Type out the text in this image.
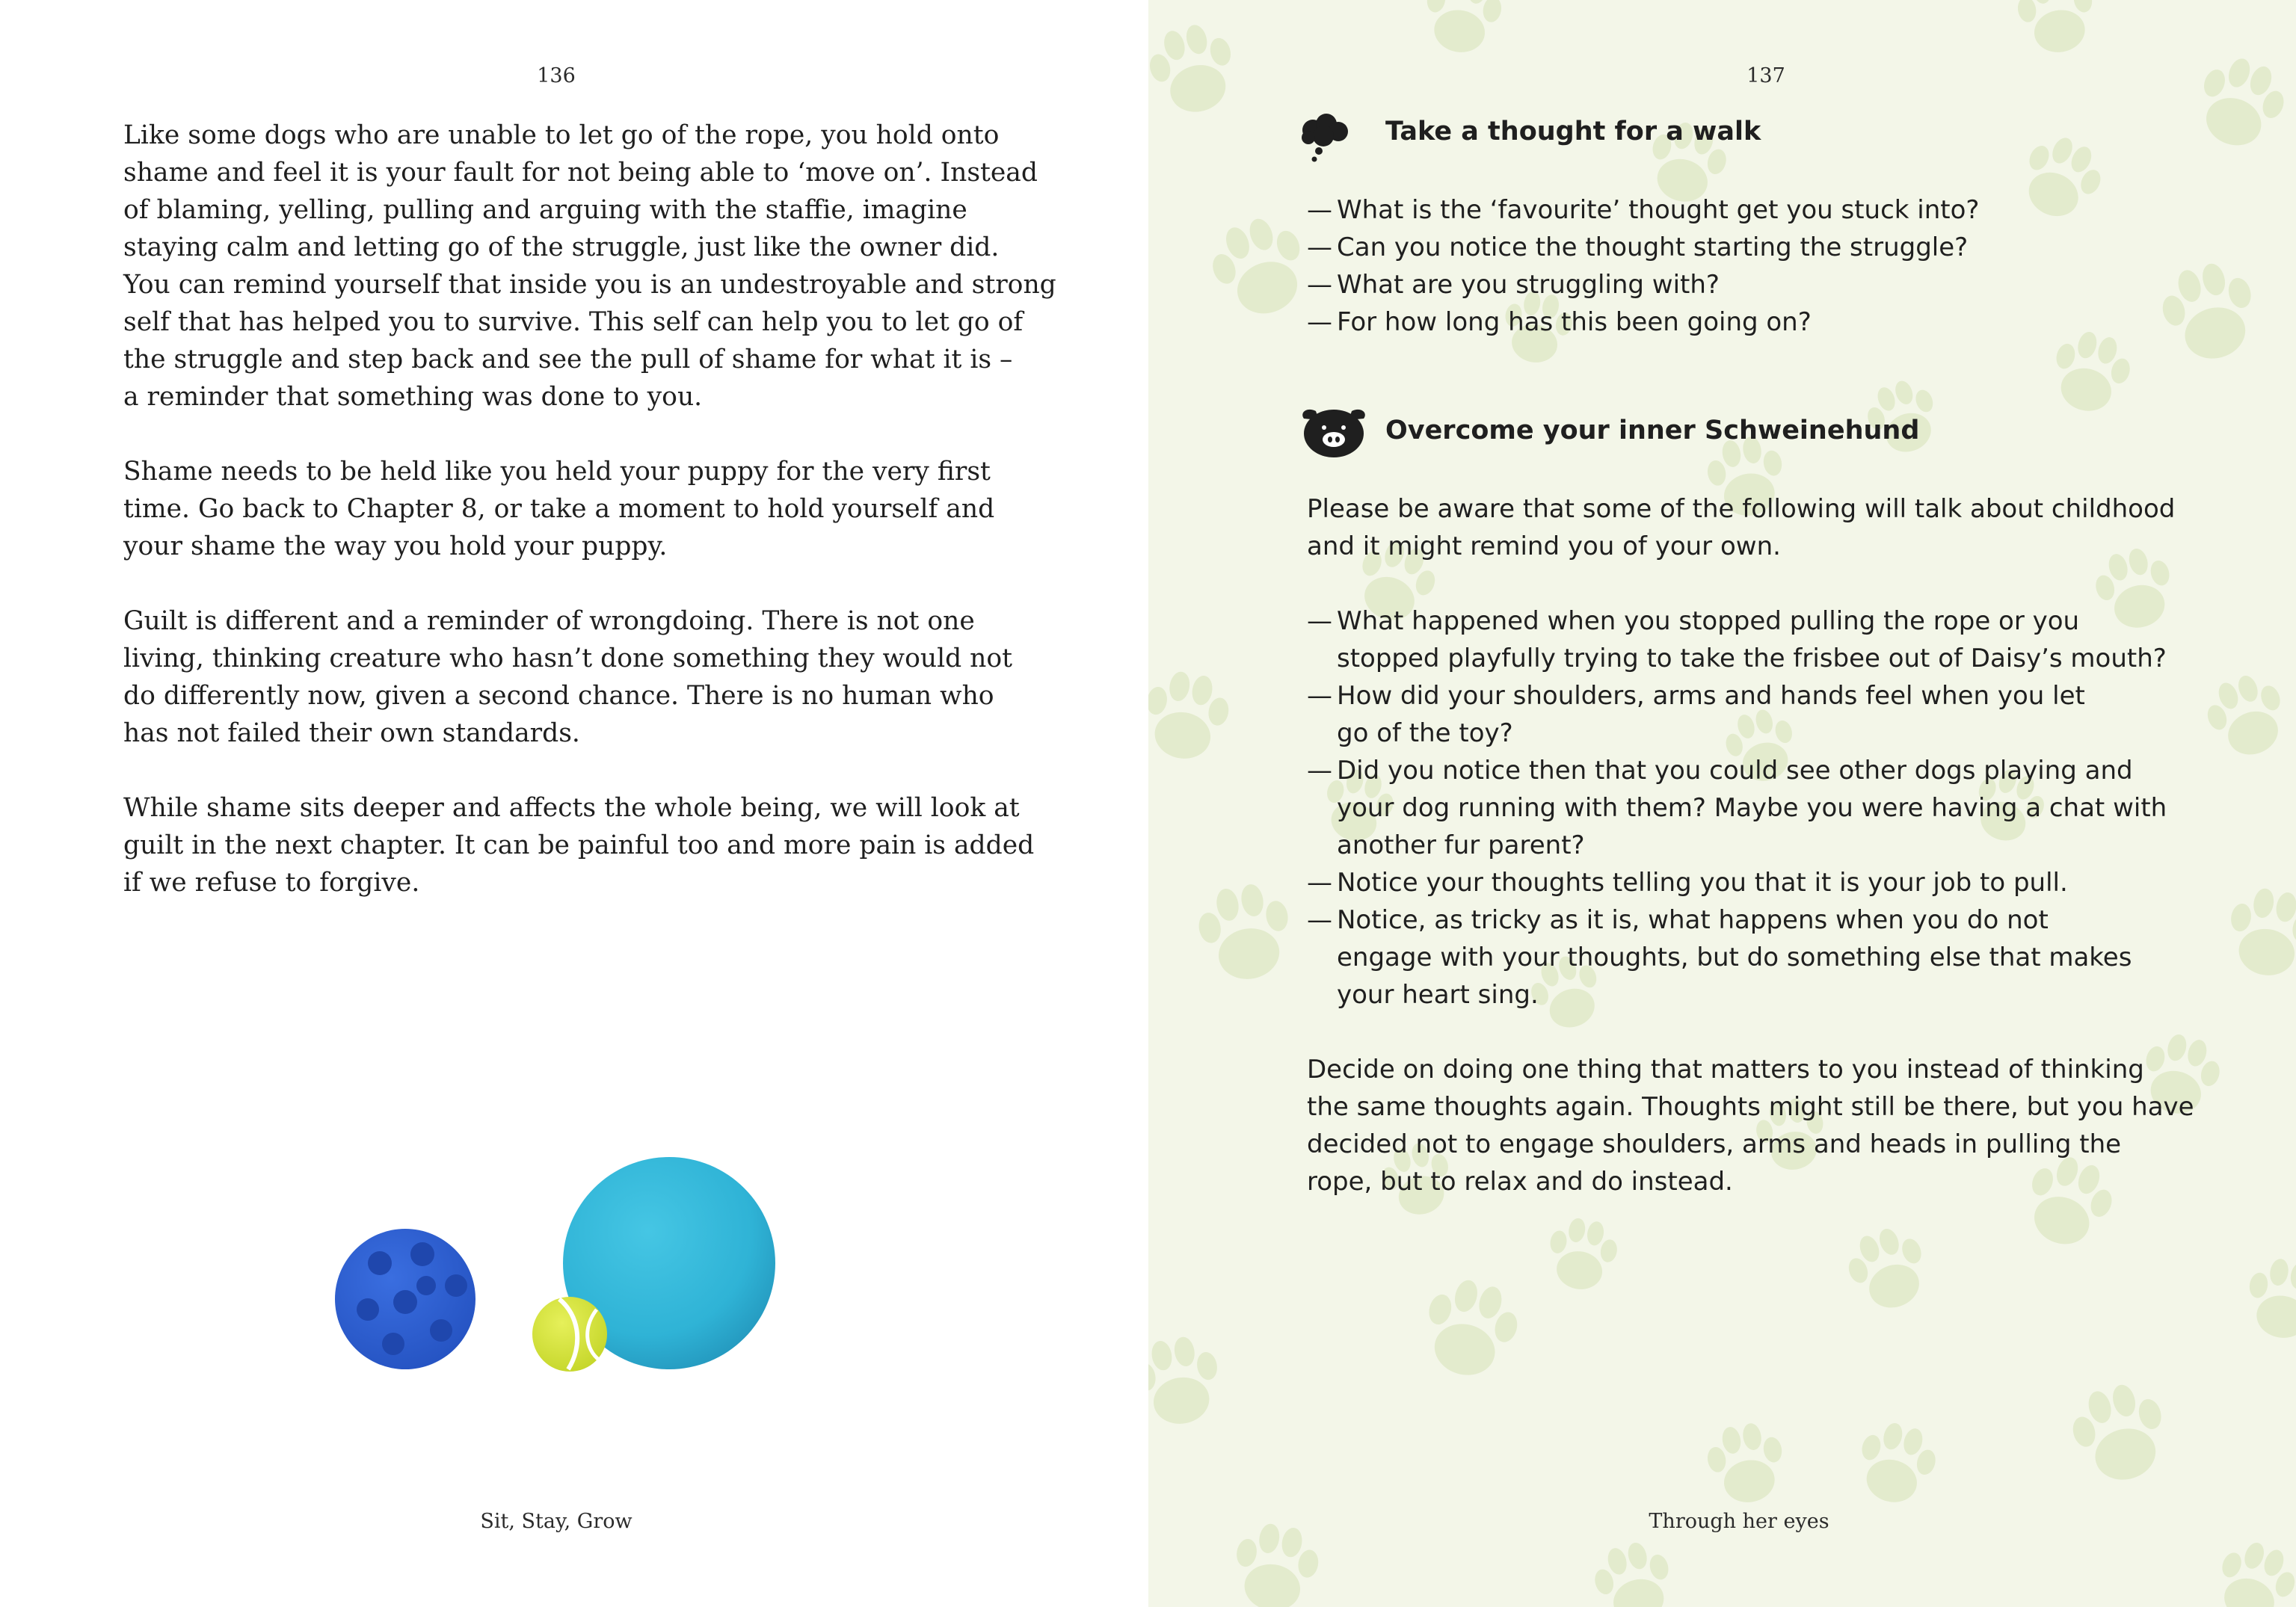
136

Like some dogs who are unable to let go of the rope, you hold onto
shame and feel it is your fault for not being able to ‘move on’. Instead
of blaming, yelling, pulling and arguing with the staffie, imagine
staying calm and letting go of the struggle, just like the owner did.
You can remind yourself that inside you is an undestroyable and strong
self that has helped you to survive. This self can help you to let go of
the struggle and step back and see the pull of shame for what it is –
a reminder that something was done to you.

Shame needs to be held like you held your puppy for the very first
time. Go back to Chapter 8, or take a moment to hold yourself and
your shame the way you hold your puppy.

Guilt is different and a reminder of wrongdoing. There is not one
living, thinking creature who hasn’t done something they would not
do differently now, given a second chance. There is no human who
has not failed their own standards.

While shame sits deeper and affects the whole being, we will look at
guilt in the next chapter. It can be painful too and more pain is added
if we refuse to forgive.

Sit, Stay, Grow
137
Take a thought for a walk
— What is the ‘favourite’ thought get you stuck into?
— Can you notice the thought starting the struggle?
— What are you struggling with?
— For how long has this been going on?
Overcome your inner Schweinehund
Please be aware that some of the following will talk about childhood
and it might remind you of your own.
— What happened when you stopped pulling the rope or you
stopped playfully trying to take the frisbee out of Daisy’s mouth?
— How did your shoulders, arms and hands feel when you let
go of the toy?
— Did you notice then that you could see other dogs playing and
your dog running with them? Maybe you were having a chat with
another fur parent?
— Notice your thoughts telling you that it is your job to pull.
— Notice, as tricky as it is, what happens when you do not
engage with your thoughts, but do something else that makes
your heart sing.
Decide on doing one thing that matters to you instead of thinking
the same thoughts again. Thoughts might still be there, but you have
decided not to engage shoulders, arms and heads in pulling the
rope, but to relax and do instead.
Through her eyes
